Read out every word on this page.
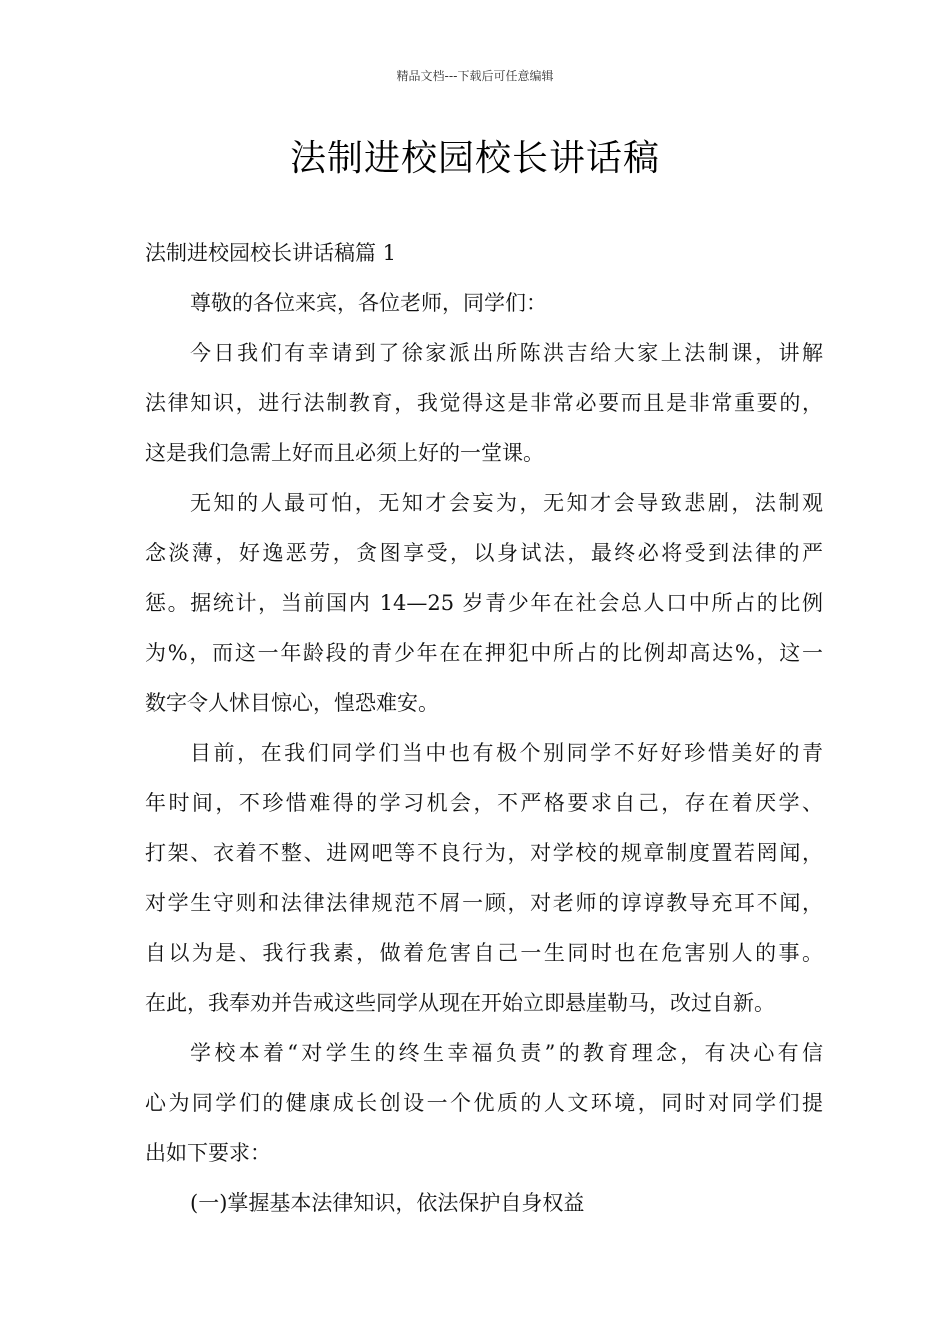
精品文档---下载后可任意编辑
法制进校园校长讲话稿
法制进校园校长讲话稿篇 1
尊敬的各位来宾，各位老师，同学们：
今日我们有幸请到了徐家派出所陈洪吉给大家上法制课，讲解
法律知识，进行法制教育，我觉得这是非常必要而且是非常重要的，
这是我们急需上好而且必须上好的一堂课。
无知的人最可怕，无知才会妄为，无知才会导致悲剧，法制观
念淡薄，好逸恶劳，贪图享受，以身试法，最终必将受到法律的严
惩。据统计，当前国内 14—25 岁青少年在社会总人口中所占的比例
为%，而这一年龄段的青少年在在押犯中所占的比例却高达%，这一
数字令人怵目惊心，惶恐难安。
目前，在我们同学们当中也有极个别同学不好好珍惜美好的青
年时间，不珍惜难得的学习机会，不严格要求自己，存在着厌学、
打架、衣着不整、进网吧等不良行为，对学校的规章制度置若罔闻，
对学生守则和法律法律规范不屑一顾，对老师的谆谆教导充耳不闻，
自以为是、我行我素，做着危害自己一生同时也在危害别人的事。
在此，我奉劝并告戒这些同学从现在开始立即悬崖勒马，改过自新。
学校本着“对学生的终生幸福负责”的教育理念，有决心有信
心为同学们的健康成长创设一个优质的人文环境，同时对同学们提
出如下要求：
(一)掌握基本法律知识，依法保护自身权益
